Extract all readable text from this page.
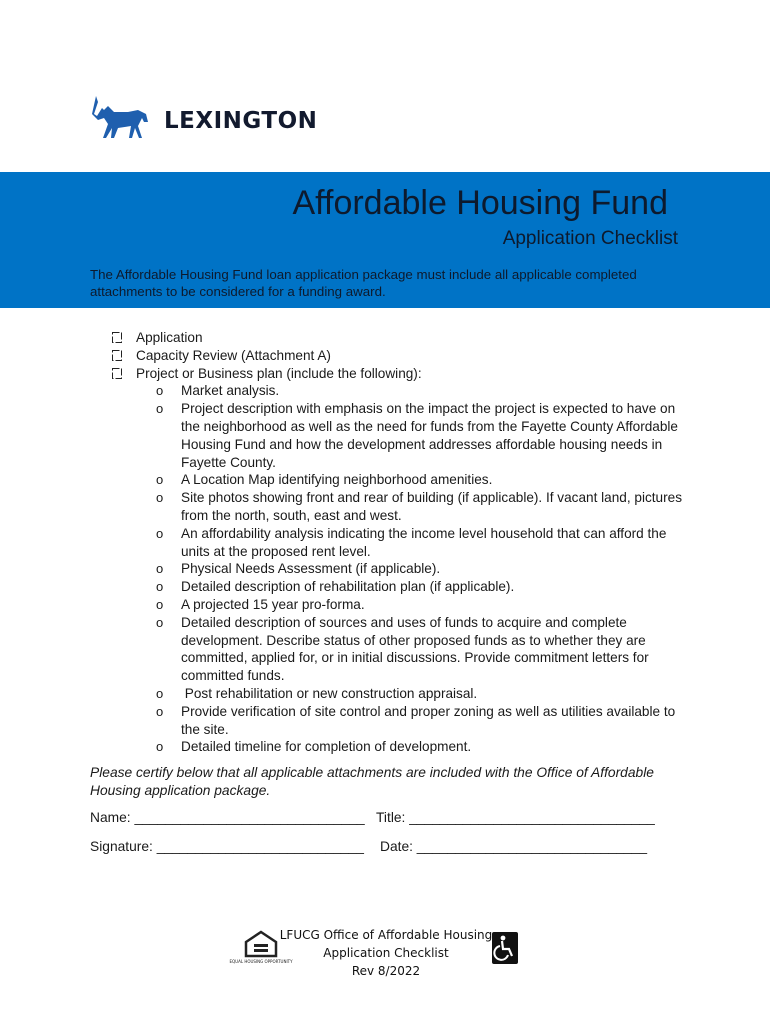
LEXINGTON
Affordable Housing Fund
Application Checklist
The Affordable Housing Fund loan application package must include all applicable completed attachments to be considered for a funding award.
Application
Capacity Review (Attachment A)
Project or Business plan (include the following):
o	Market analysis.
o	Project description with emphasis on the impact the project is expected to have on the neighborhood as well as the need for funds from the Fayette County Affordable Housing Fund and how the development addresses affordable housing needs in Fayette County.
o	A Location Map identifying neighborhood amenities.
o	Site photos showing front and rear of building (if applicable). If vacant land, pictures from the north, south, east and west.
o	An affordability analysis indicating the income level household that can afford the units at the proposed rent level.
o	Physical Needs Assessment (if applicable).
o	Detailed description of rehabilitation plan (if applicable).
o	A projected 15 year pro-forma.
o	Detailed description of sources and uses of funds to acquire and complete development. Describe status of other proposed funds as to whether they are committed, applied for, or in initial discussions. Provide commitment letters for committed funds.
o	Post rehabilitation or new construction appraisal.
o	Provide verification of site control and proper zoning as well as utilities available to the site.
o	Detailed timeline for completion of development.
Please certify below that all applicable attachments are included with the Office of Affordable Housing application package.
Name: ______________________________ Title: ________________________________
Signature: ___________________________ Date: ______________________________
EQUAL HOUSING OPPORTUNITY
LFUCG Office of Affordable Housing
Application Checklist
Rev 8/2022
